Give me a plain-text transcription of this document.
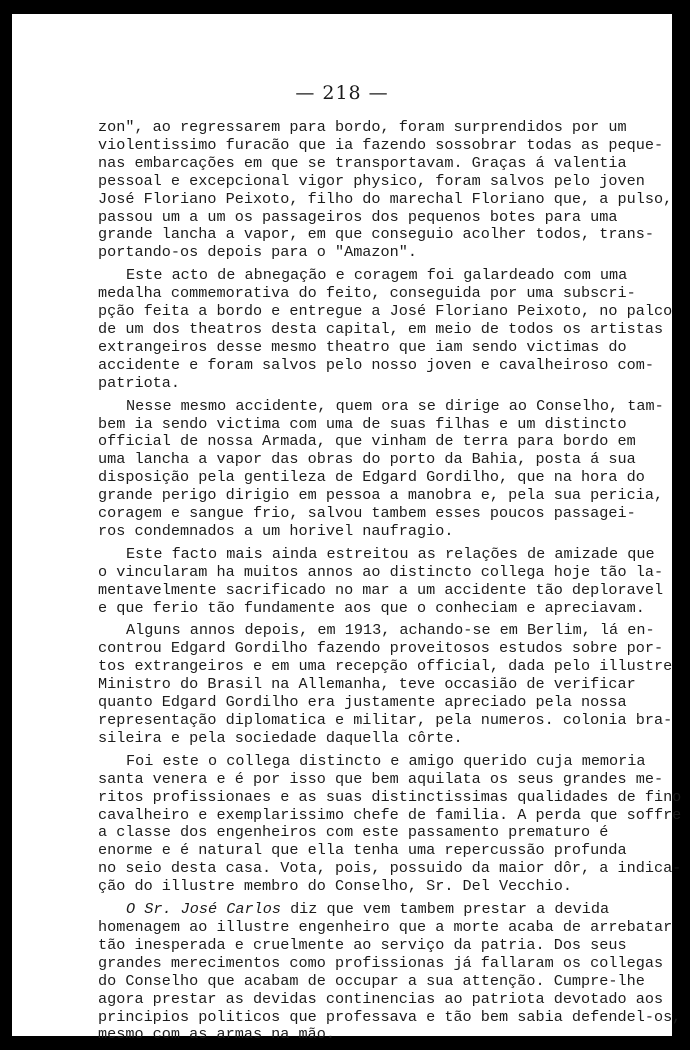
— 218 —
zon", ao regressarem para bordo, foram surprendidos por um
violentissimo furacão que ia fazendo sossobrar todas as peque-
nas embarcações em que se transportavam. Graças á valentia
pessoal e excepcional vigor physico, foram salvos pelo joven
José Floriano Peixoto, filho do marechal Floriano que, a pulso,
passou um a um os passageiros dos pequenos botes para uma
grande lancha a vapor, em que conseguio acolher todos, trans-
portando-os depois para o "Amazon".
Este acto de abnegação e coragem foi galardeado com uma
medalha commemorativa do feito, conseguida por uma subscri-
pção feita a bordo e entregue a José Floriano Peixoto, no palco
de um dos theatros desta capital, em meio de todos os artistas
extrangeiros desse mesmo theatro que iam sendo victimas do
accidente e foram salvos pelo nosso joven e cavalheiroso com-
patriota.
Nesse mesmo accidente, quem ora se dirige ao Conselho, tam-
bem ia sendo victima com uma de suas filhas e um distincto
official de nossa Armada, que vinham de terra para bordo em
uma lancha a vapor das obras do porto da Bahia, posta á sua
disposição pela gentileza de Edgard Gordilho, que na hora do
grande perigo dirigio em pessoa a manobra e, pela sua pericia,
coragem e sangue frio, salvou tambem esses poucos passagei-
ros condemnados a um horivel naufragio.
Este facto mais ainda estreitou as relações de amizade que
o vincularam ha muitos annos ao distincto collega hoje tão la-
mentavelmente sacrificado no mar a um accidente tão deploravel
e que ferio tão fundamente aos que o conheciam e apreciavam.
Alguns annos depois, em 1913, achando-se em Berlim, lá en-
controu Edgard Gordilho fazendo proveitosos estudos sobre por-
tos extrangeiros e em uma recepção official, dada pelo illustre
Ministro do Brasil na Allemanha, teve occasião de verificar
quanto Edgard Gordilho era justamente apreciado pela nossa
representação diplomatica e militar, pela numeros. colonia bra-
sileira e pela sociedade daquella côrte.
Foi este o collega distincto e amigo querido cuja memoria
santa venera e é por isso que bem aquilata os seus grandes me-
ritos profissionaes e as suas distinctissimas qualidades de fino
cavalheiro e exemplarissimo chefe de familia. A perda que soffre
a classe dos engenheiros com este passamento prematuro é
enorme e é natural que ella tenha uma repercussão profunda
no seio desta casa. Vota, pois, possuido da maior dôr, a indica-
ção do illustre membro do Conselho, Sr. Del Vecchio.
O Sr. José Carlos diz que vem tambem prestar a devida
homenagem ao illustre engenheiro que a morte acaba de arrebatar
tão inesperada e cruelmente ao serviço da patria. Dos seus
grandes merecimentos como profissionas já fallaram os collegas
do Conselho que acabam de occupar a sua attenção. Cumpre-lhe
agora prestar as devidas continencias ao patriota devotado aos
principios politicos que professava e tão bem sabia defendel-os,
mesmo com as armas na mão.
